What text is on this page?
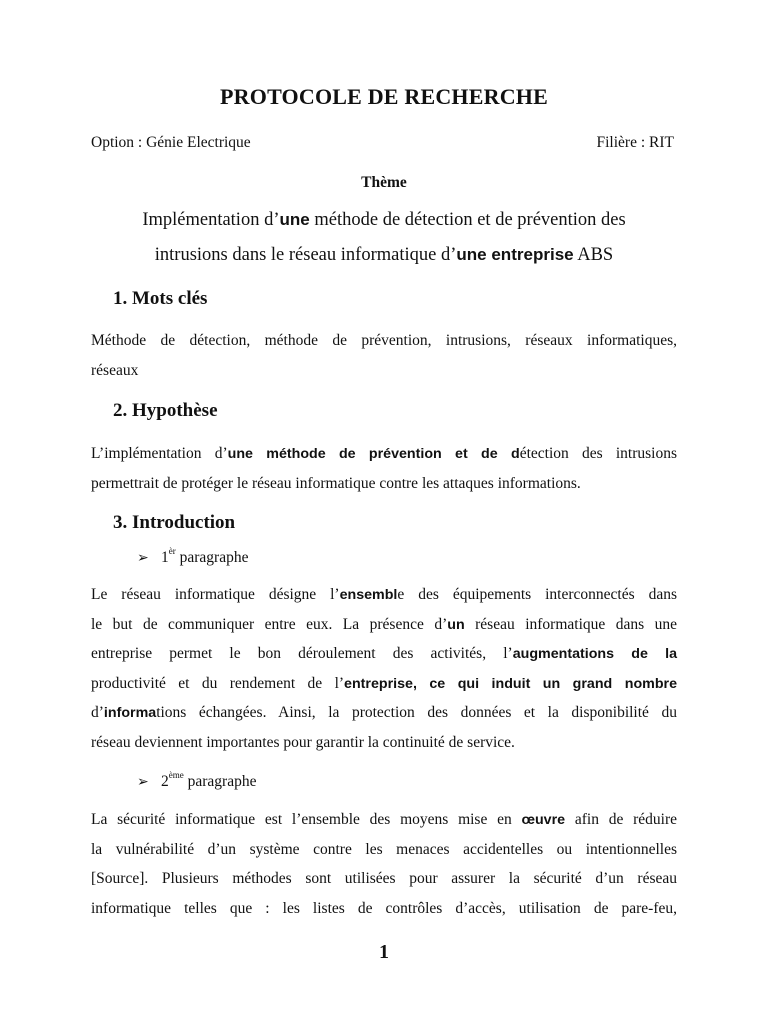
PROTOCOLE DE RECHERCHE
Option : Génie Electrique	Filière : RIT
Thème
Implémentation d’une méthode de détection et de prévention des
intrusions dans le réseau informatique d’une entreprise ABS
1. Mots clés
Méthode de détection, méthode de prévention, intrusions, réseaux informatiques,
réseaux
2. Hypothèse
L’implémentation d’une méthode de prévention et de détection des intrusions
permettrait de protéger le réseau informatique contre les attaques informations.
3. Introduction
➢ $1^{èr}$ paragraphe
Le réseau informatique désigne l’ensemble des équipements interconnectés dans
le but de communiquer entre eux. La présence d’un réseau informatique dans une
entreprise permet le bon déroulement des activités, l’augmentations de la
productivité et du rendement de l’entreprise, ce qui induit un grand nombre
d’informations échangées. Ainsi, la protection des données et la disponibilité du
réseau deviennent importantes pour garantir la continuité de service.
➢ 2ème paragraphe
La sécurité informatique est l’ensemble des moyens mise en œuvre afin de réduire
la vulnérabilité d’un système contre les menaces accidentelles ou intentionnelles
[Source]. Plusieurs méthodes sont utilisées pour assurer la sécurité d’un réseau
informatique telles que : les listes de contrôles d’accès, utilisation de pare-feu,
1
